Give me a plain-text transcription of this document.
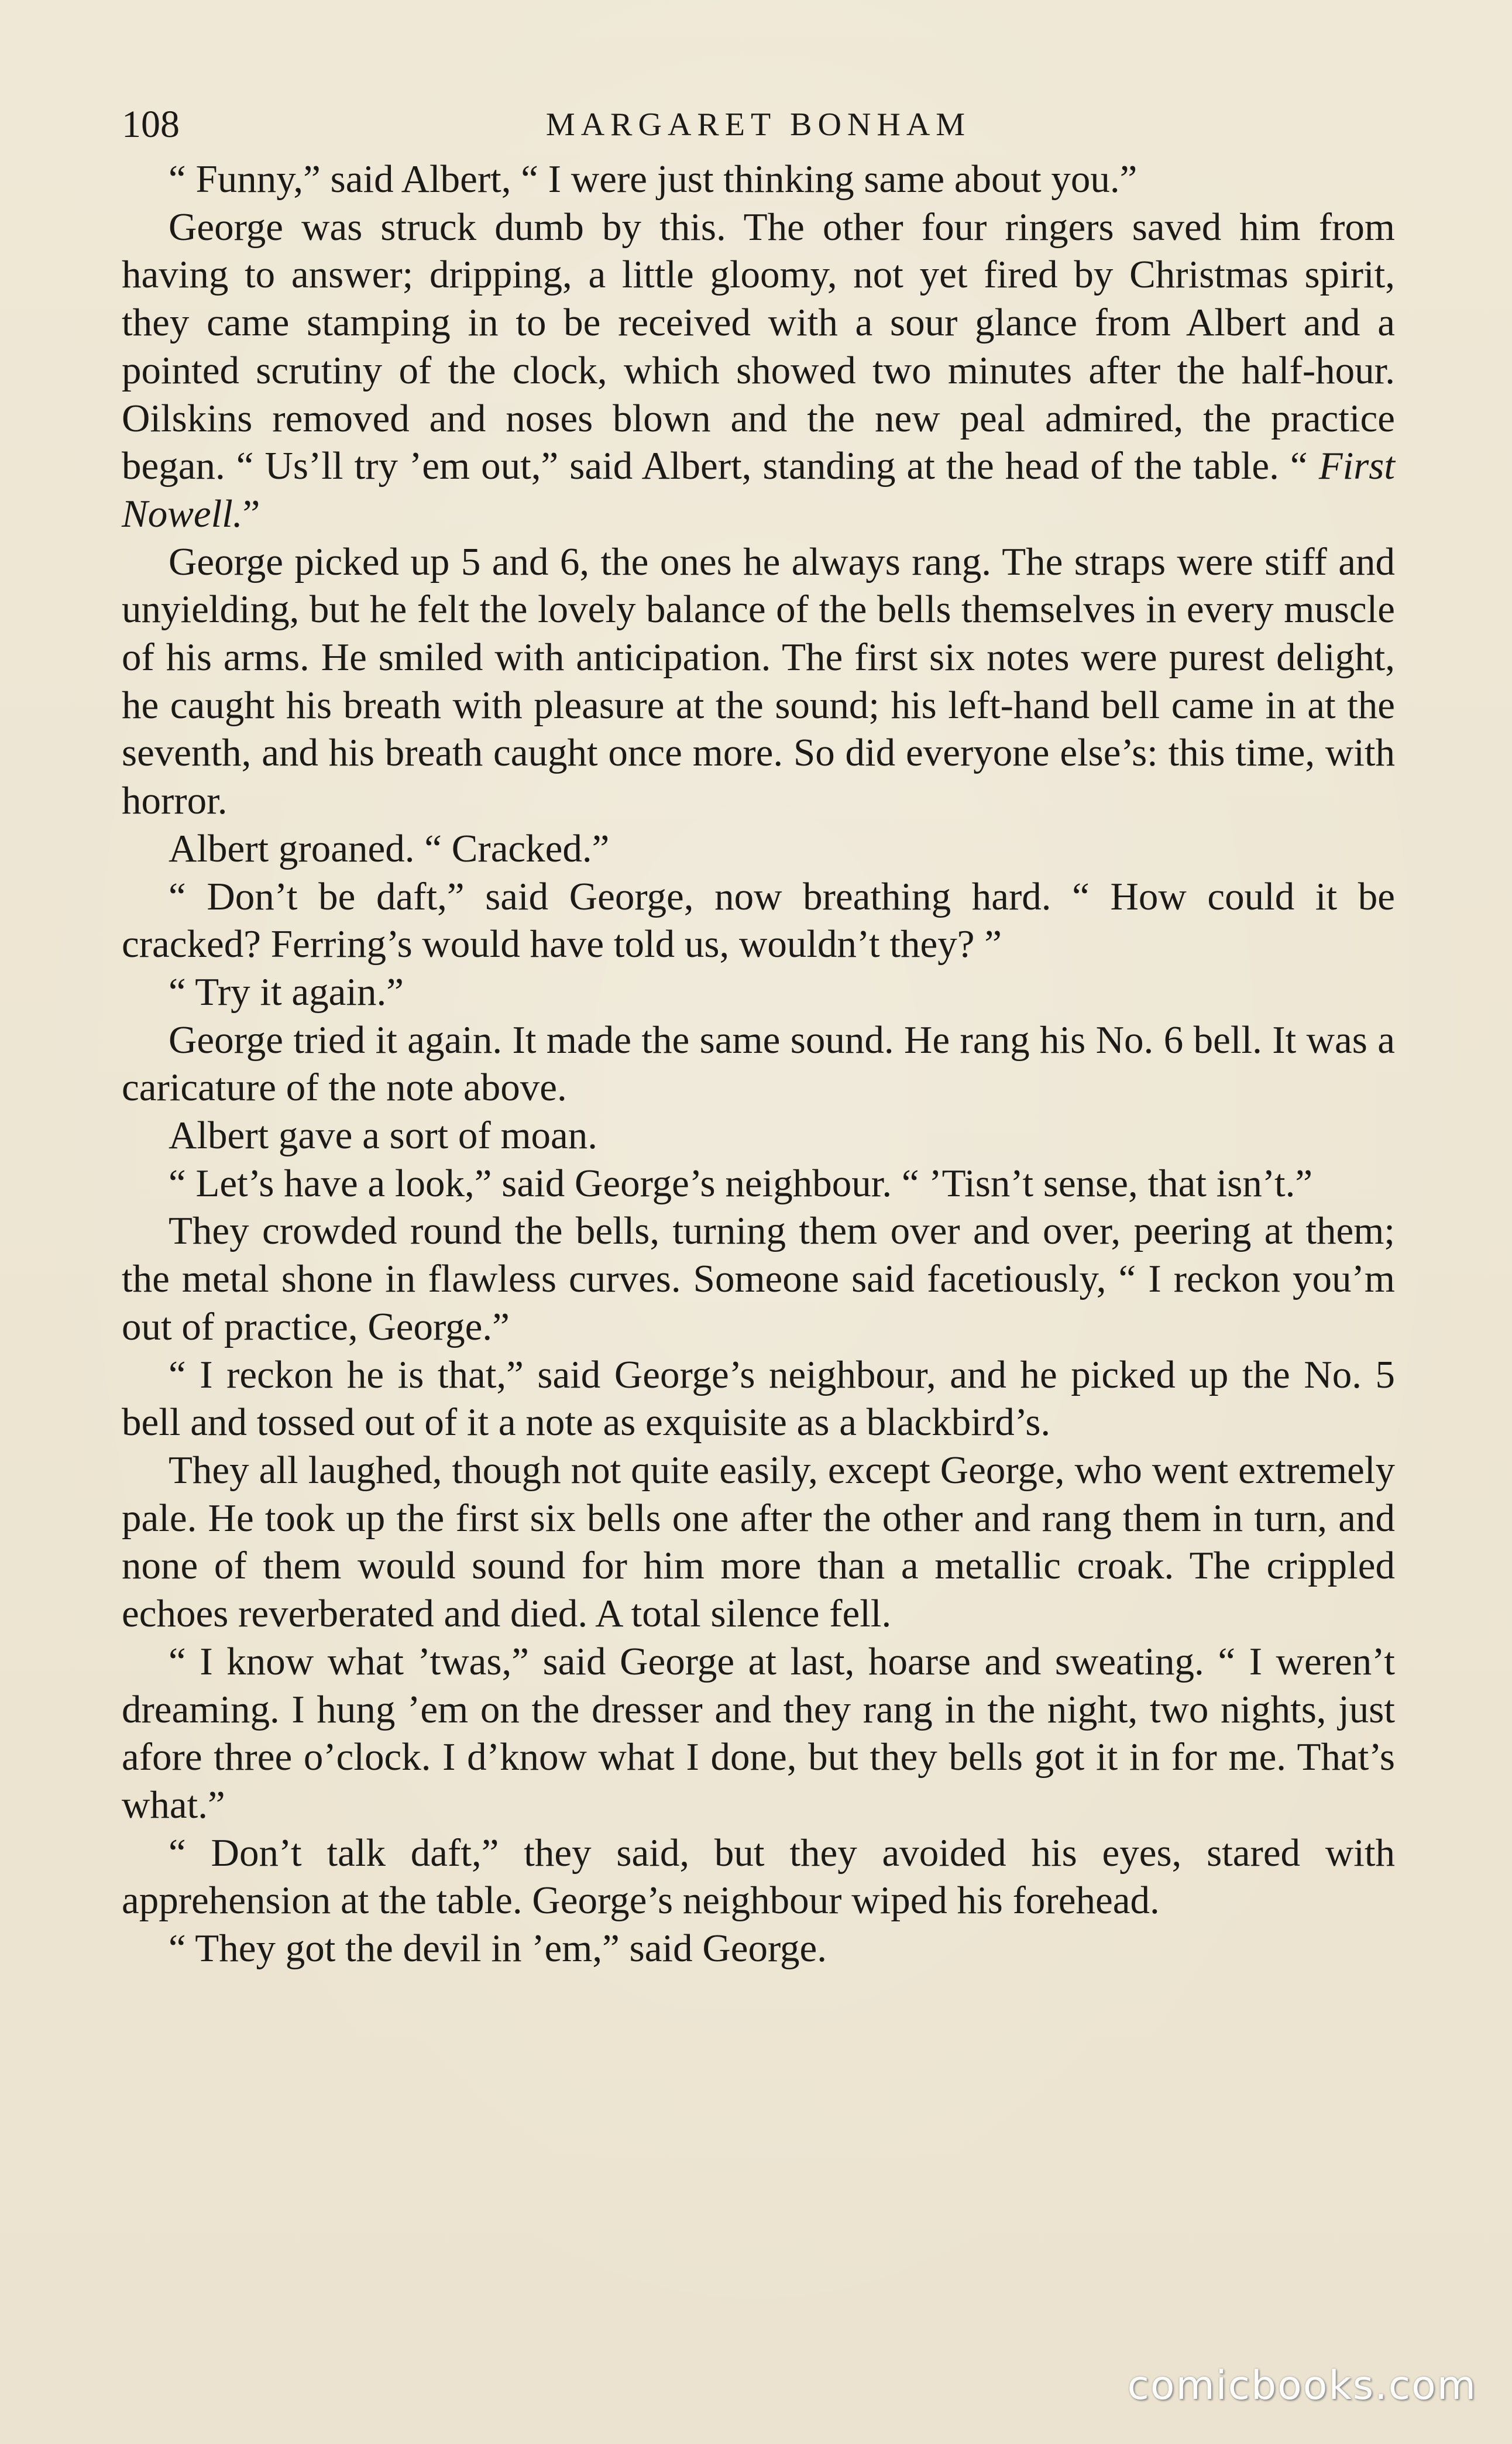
108	MARGARET BONHAM

“ Funny,” said Albert, “ I were just thinking same about you.”

George was struck dumb by this. The other four ringers saved him from having to answer; dripping, a little gloomy, not yet fired by Christmas spirit, they came stamping in to be received with a sour glance from Albert and a pointed scrutiny of the clock, which showed two minutes after the half-hour. Oilskins removed and noses blown and the new peal admired, the practice began. “ Us’ll try ’em out,” said Albert, standing at the head of the table. “ First Nowell.”

George picked up 5 and 6, the ones he always rang. The straps were stiff and unyielding, but he felt the lovely balance of the bells themselves in every muscle of his arms. He smiled with anticipation. The first six notes were purest delight, he caught his breath with pleasure at the sound; his left-hand bell came in at the seventh, and his breath caught once more. So did everyone else’s: this time, with horror.

Albert groaned. “ Cracked.”

“ Don’t be daft,” said George, now breathing hard. “ How could it be cracked? Ferring’s would have told us, wouldn’t they? ”

“ Try it again.”

George tried it again. It made the same sound. He rang his No. 6 bell. It was a caricature of the note above.

Albert gave a sort of moan.

“ Let’s have a look,” said George’s neighbour. “ ’Tisn’t sense, that isn’t.”

They crowded round the bells, turning them over and over, peering at them; the metal shone in flawless curves. Someone said facetiously, “ I reckon you’m out of practice, George.”

“ I reckon he is that,” said George’s neighbour, and he picked up the No. 5 bell and tossed out of it a note as exquisite as a blackbird’s.

They all laughed, though not quite easily, except George, who went extremely pale. He took up the first six bells one after the other and rang them in turn, and none of them would sound for him more than a metallic croak. The crippled echoes reverberated and died. A total silence fell.

“ I know what ’twas,” said George at last, hoarse and sweating. “ I weren’t dreaming. I hung ’em on the dresser and they rang in the night, two nights, just afore three o’clock. I d’know what I done, but they bells got it in for me. That’s what.”

“ Don’t talk daft,” they said, but they avoided his eyes, stared with apprehension at the table. George’s neighbour wiped his forehead.

“ They got the devil in ’em,” said George.

comicbooks.com
